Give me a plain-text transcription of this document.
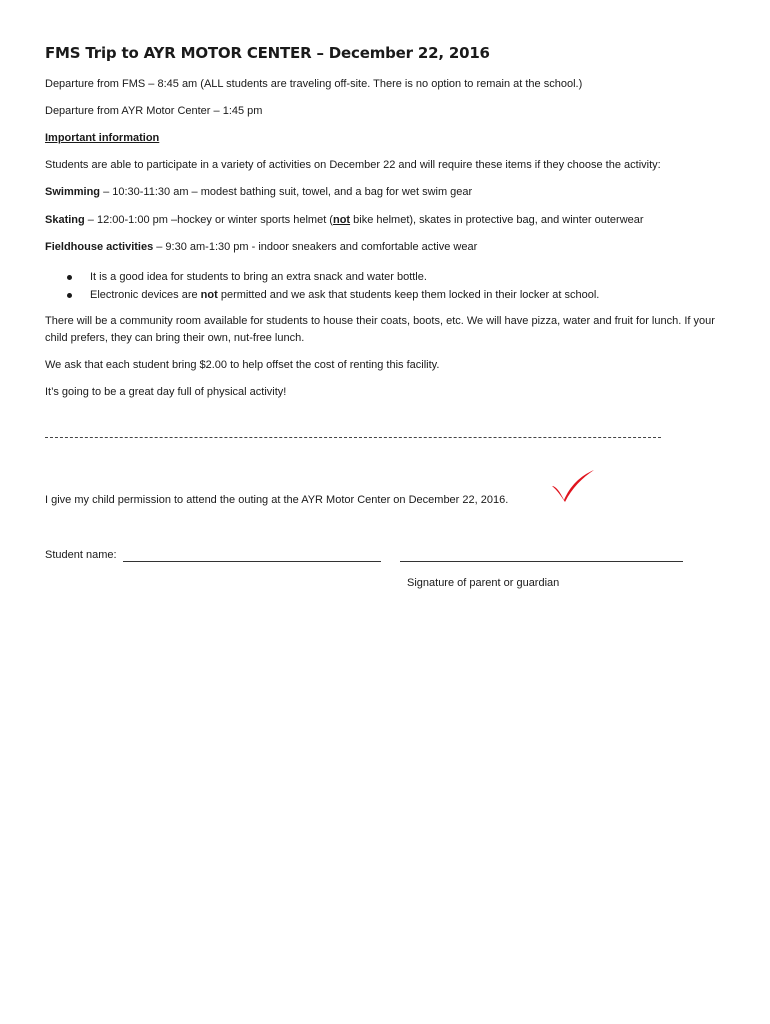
FMS Trip to AYR MOTOR CENTER – December 22, 2016
Departure from FMS – 8:45 am (ALL students are traveling off-site. There is no option to remain at the school.)
Departure from AYR Motor Center – 1:45 pm
Important information
Students are able to participate in a variety of activities on December 22 and will require these items if they choose the activity:
Swimming – 10:30-11:30 am – modest bathing suit, towel, and a bag for wet swim gear
Skating – 12:00-1:00 pm –hockey or winter sports helmet (not bike helmet), skates in protective bag, and winter outerwear
Fieldhouse activities – 9:30 am-1:30 pm - indoor sneakers and comfortable active wear
It is a good idea for students to bring an extra snack and water bottle.
Electronic devices are not permitted and we ask that students keep them locked in their locker at school.
There will be a community room available for students to house their coats, boots, etc. We will have pizza, water and fruit for lunch. If your child prefers, they can bring their own, nut-free lunch.
We ask that each student bring $2.00 to help offset the cost of renting this facility.
It’s going to be a great day full of physical activity!
I give my child permission to attend the outing at the AYR Motor Center on December 22, 2016.
Student name:
Signature of parent or guardian
